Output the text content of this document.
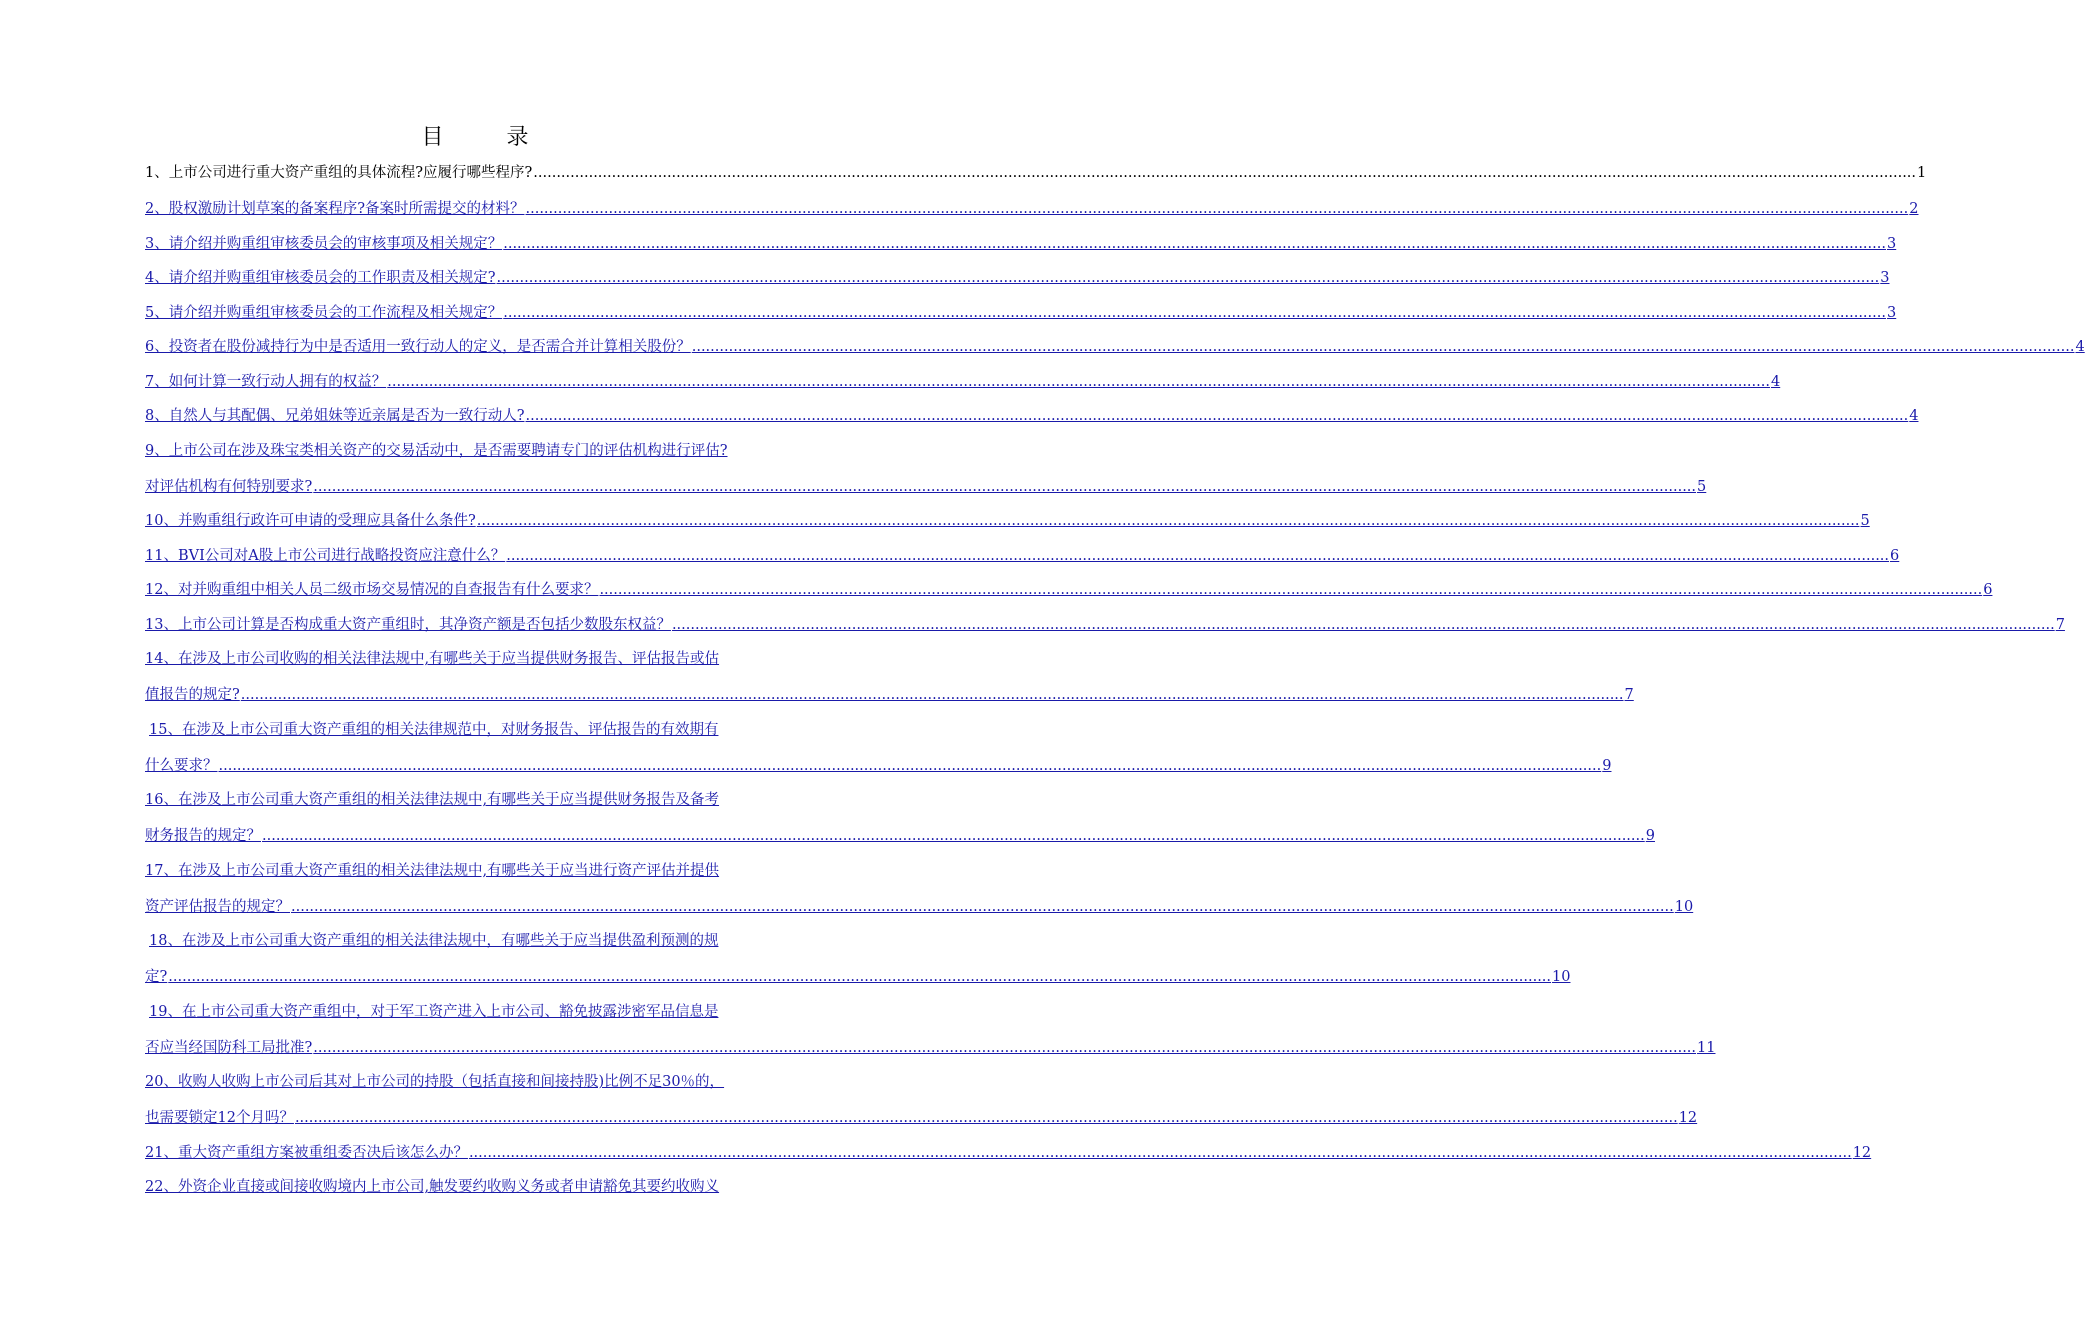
目 录
1、上市公司进行重大资产重组的具体流程?应履行哪些程序? .....	1
2、股权激励计划草案的备案程序?备案时所需提交的材料？ .....	2
3、请介绍并购重组审核委员会的审核事项及相关规定？ .....	3
4、请介绍并购重组审核委员会的工作职责及相关规定? .....	3
5、请介绍并购重组审核委员会的工作流程及相关规定？ .....	3
6、投资者在股份减持行为中是否适用一致行动人的定义，是否需合并计算相关股份？ .....	4
7、如何计算一致行动人拥有的权益？ .....	4
8、自然人与其配偶、兄弟姐妹等近亲属是否为一致行动人? .....	4
9、上市公司在涉及珠宝类相关资产的交易活动中，是否需要聘请专门的评估机构进行评估?
对评估机构有何特别要求? .....	5
10、并购重组行政许可申请的受理应具备什么条件? .....	5
11、BVI公司对A股上市公司进行战略投资应注意什么？ .....	6
12、对并购重组中相关人员二级市场交易情况的自查报告有什么要求？ .....	6
13、上市公司计算是否构成重大资产重组时，其净资产额是否包括少数股东权益？ .....	7
14、在涉及上市公司收购的相关法律法规中,有哪些关于应当提供财务报告、评估报告或估
值报告的规定? .....	7
15、在涉及上市公司重大资产重组的相关法律规范中，对财务报告、评估报告的有效期有
什么要求？ .....	9
16、在涉及上市公司重大资产重组的相关法律法规中,有哪些关于应当提供财务报告及备考
财务报告的规定？ .....	9
17、在涉及上市公司重大资产重组的相关法律法规中,有哪些关于应当进行资产评估并提供
资产评估报告的规定？ .....	10
18、在涉及上市公司重大资产重组的相关法律法规中，有哪些关于应当提供盈利预测的规
定? .....	10
19、在上市公司重大资产重组中，对于军工资产进入上市公司、豁免披露涉密军品信息是
否应当经国防科工局批准? .....	11
20、收购人收购上市公司后其对上市公司的持股（包括直接和间接持股)比例不足30％的，
也需要锁定12个月吗？ .....	12
21、重大资产重组方案被重组委否决后该怎么办？ .....	12
22、外资企业直接或间接收购境内上市公司,触发要约收购义务或者申请豁免其要约收购义
